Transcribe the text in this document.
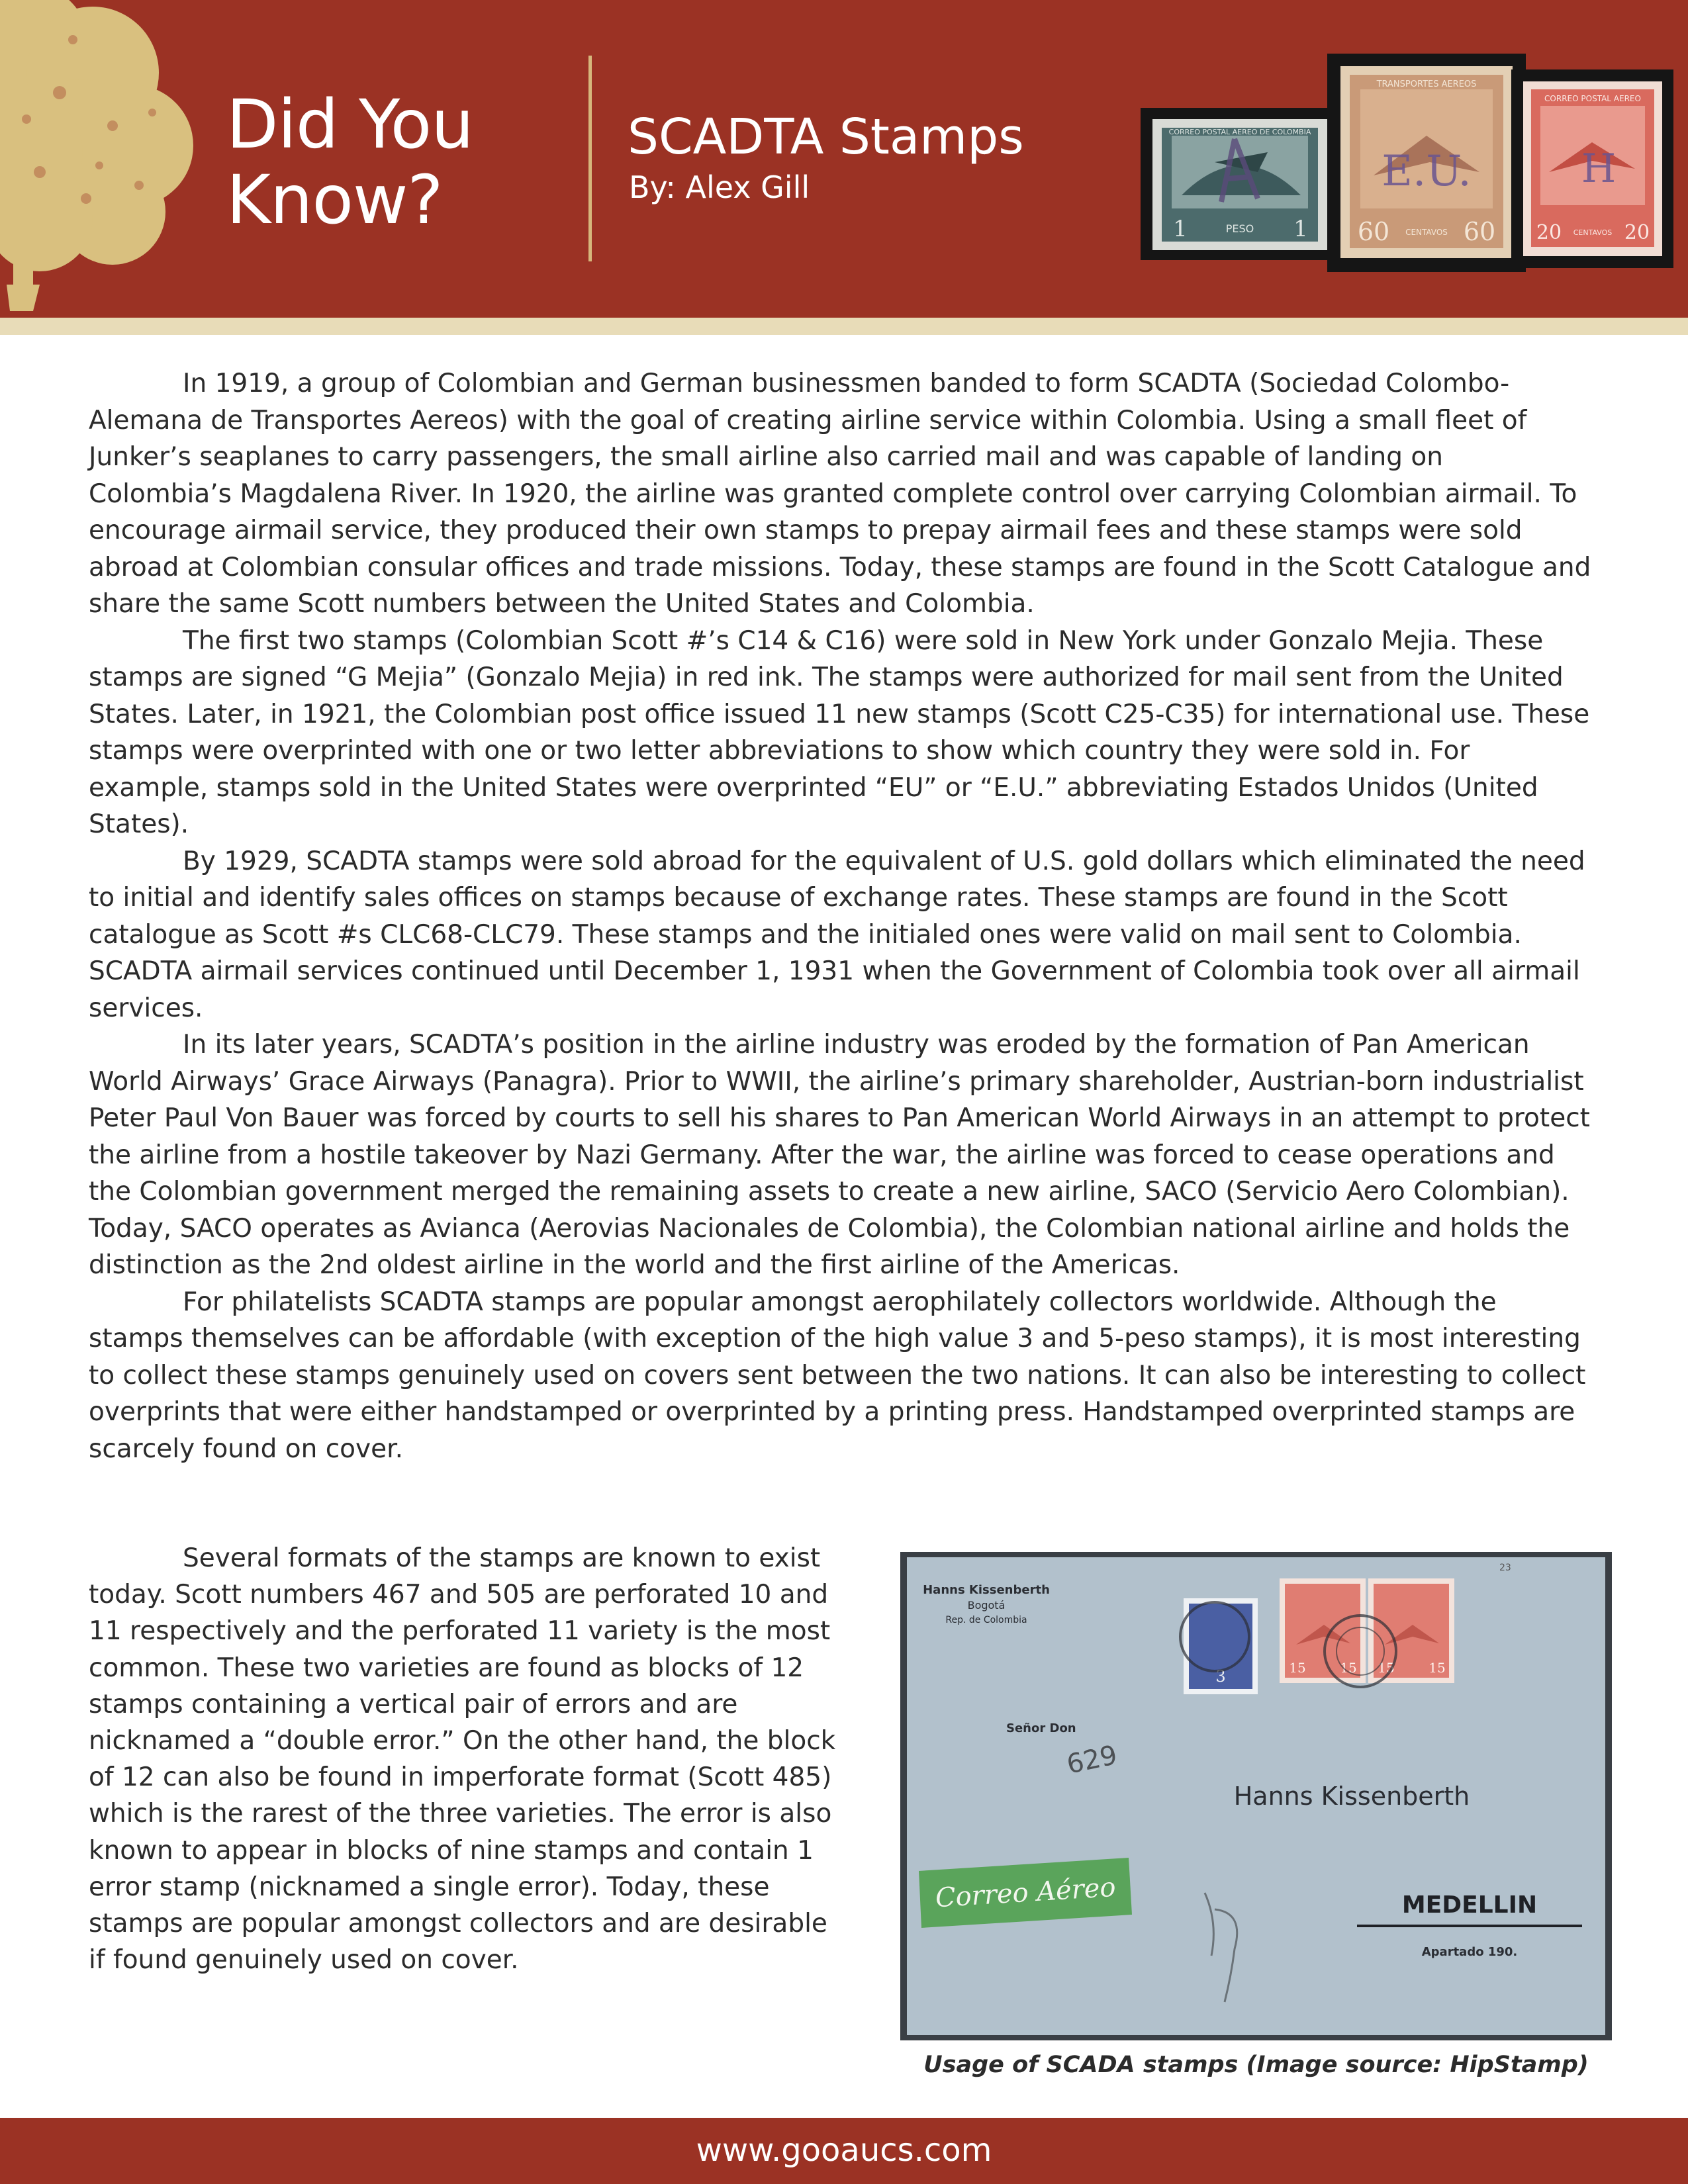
Did You
Know?
SCADTA Stamps
By: Alex Gill
CORREO POSTAL AEREO DE COLOMBIA
1	PESO 1
TRANSPORTES AEREOS
E.U.
60 CENTAVOS 60
CORREO POSTAL AEREO
H
20 CENTAVOS 20

In 1919, a group of Colombian and German businessmen banded to form SCADTA (Sociedad Colombo-Alemana de Transportes Aereos) with the goal of creating airline service within Colombia. Using a small fleet of Junker’s seaplanes to carry passengers, the small airline also carried mail and was capable of landing on Colombia’s Magdalena River. In 1920, the airline was granted complete control over carrying Colombian airmail. To encourage airmail service, they produced their own stamps to prepay airmail fees and these stamps were sold abroad at Colombian consular offices and trade missions. Today, these stamps are found in the Scott Catalogue and share the same Scott numbers between the United States and Colombia.

The first two stamps (Colombian Scott #’s C14 & C16) were sold in New York under Gonzalo Mejia. These stamps are signed “G Mejia” (Gonzalo Mejia) in red ink. The stamps were authorized for mail sent from the United States. Later, in 1921, the Colombian post office issued 11 new stamps (Scott C25-C35) for international use. These stamps were overprinted with one or two letter abbreviations to show which country they were sold in. For example, stamps sold in the United States were overprinted “EU” or “E.U.” abbreviating Estados Unidos (United States).

By 1929, SCADTA stamps were sold abroad for the equivalent of U.S. gold dollars which eliminated the need to initial and identify sales offices on stamps because of exchange rates. These stamps are found in the Scott catalogue as Scott #s CLC68-CLC79. These stamps and the initialed ones were valid on mail sent to Colombia. SCADTA airmail services continued until December 1, 1931 when the Government of Colombia took over all airmail services.

In its later years, SCADTA’s position in the airline industry was eroded by the formation of Pan American World Airways’ Grace Airways (Panagra). Prior to WWII, the airline’s primary shareholder, Austrian-born industrialist Peter Paul Von Bauer was forced by courts to sell his shares to Pan American World Airways in an attempt to protect the airline from a hostile takeover by Nazi Germany. After the war, the airline was forced to cease operations and the Colombian government merged the remaining assets to create a new airline, SACO (Servicio Aero Colombian). Today, SACO operates as Avianca (Aerovias Nacionales de Colombia), the Colombian national airline and holds the distinction as the 2nd oldest airline in the world and the first airline of the Americas.

For philatelists SCADTA stamps are popular amongst aerophilately collectors worldwide. Although the stamps themselves can be affordable (with exception of the high value 3 and 5-peso stamps), it is most interesting to collect these stamps genuinely used on covers sent between the two nations. It can also be interesting to collect overprints that were either handstamped or overprinted by a printing press. Handstamped overprinted stamps are scarcely found on cover.

Several formats of the stamps are known to exist today. Scott numbers 467 and 505 are perforated 10 and 11 respectively and the perforated 11 variety is the most common. These two varieties are found as blocks of 12 stamps containing a vertical pair of errors and are nicknamed a “double error.” On the other hand, the block of 12 can also be found in imperforate format (Scott 485) which is the rarest of the three varieties. The error is also known to appear in blocks of nine stamps and contain 1 error stamp (nicknamed a single error). Today, these stamps are popular amongst collectors and are desirable if found genuinely used on cover.

Hanns Kissenberth
Bogotá
Rep. de Colombia
23
3	15	15 15	15
Señor Don
629
Hanns Kissenberth
Correo Aéreo	MEDELLIN
Apartado 190.
Usage of SCADA stamps (Image source: HipStamp)
www.gooaucs.com
